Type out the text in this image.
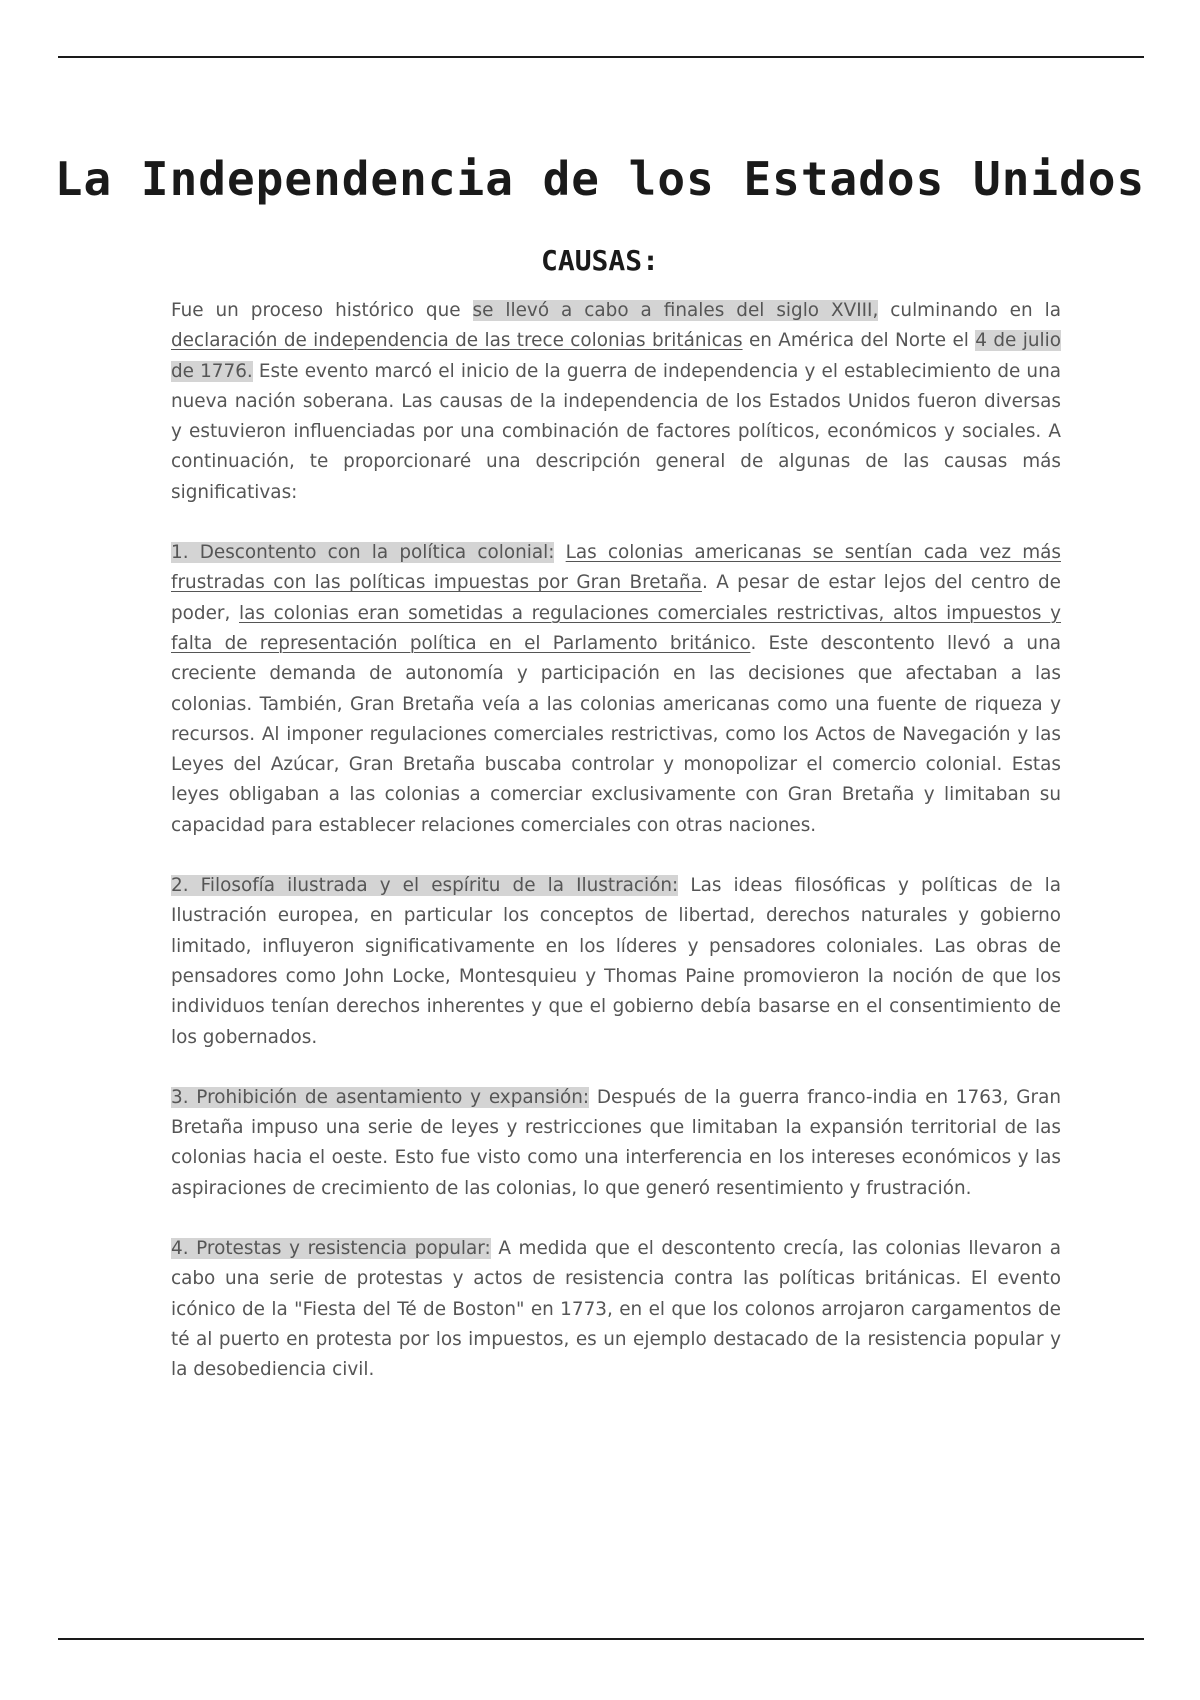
La Independencia de los Estados Unidos
CAUSAS:

Fue un proceso histórico que se llevó a cabo a finales del siglo XVIII, culminando en la declaración de independencia de las trece colonias británicas en América del Norte el 4 de julio de 1776. Este evento marcó el inicio de la guerra de independencia y el establecimiento de una nueva nación soberana. Las causas de la independencia de los Estados Unidos fueron diversas y estuvieron influenciadas por una combinación de factores políticos, económicos y sociales. A continuación, te proporcionaré una descripción general de algunas de las causas más significativas:

1. Descontento con la política colonial: Las colonias americanas se sentían cada vez más frustradas con las políticas impuestas por Gran Bretaña. A pesar de estar lejos del centro de poder, las colonias eran sometidas a regulaciones comerciales restrictivas, altos impuestos y falta de representación política en el Parlamento británico. Este descontento llevó a una creciente demanda de autonomía y participación en las decisiones que afectaban a las colonias. También, Gran Bretaña veía a las colonias americanas como una fuente de riqueza y recursos. Al imponer regulaciones comerciales restrictivas, como los Actos de Navegación y las Leyes del Azúcar, Gran Bretaña buscaba controlar y monopolizar el comercio colonial. Estas leyes obligaban a las colonias a comerciar exclusivamente con Gran Bretaña y limitaban su capacidad para establecer relaciones comerciales con otras naciones.

2. Filosofía ilustrada y el espíritu de la Ilustración: Las ideas filosóficas y políticas de la Ilustración europea, en particular los conceptos de libertad, derechos naturales y gobierno limitado, influyeron significativamente en los líderes y pensadores coloniales. Las obras de pensadores como John Locke, Montesquieu y Thomas Paine promovieron la noción de que los individuos tenían derechos inherentes y que el gobierno debía basarse en el consentimiento de los gobernados.

3. Prohibición de asentamiento y expansión: Después de la guerra franco-india en 1763, Gran Bretaña impuso una serie de leyes y restricciones que limitaban la expansión territorial de las colonias hacia el oeste. Esto fue visto como una interferencia en los intereses económicos y las aspiraciones de crecimiento de las colonias, lo que generó resentimiento y frustración.

4. Protestas y resistencia popular: A medida que el descontento crecía, las colonias llevaron a cabo una serie de protestas y actos de resistencia contra las políticas británicas. El evento icónico de la "Fiesta del Té de Boston" en 1773, en el que los colonos arrojaron cargamentos de té al puerto en protesta por los impuestos, es un ejemplo destacado de la resistencia popular y la desobediencia civil.
